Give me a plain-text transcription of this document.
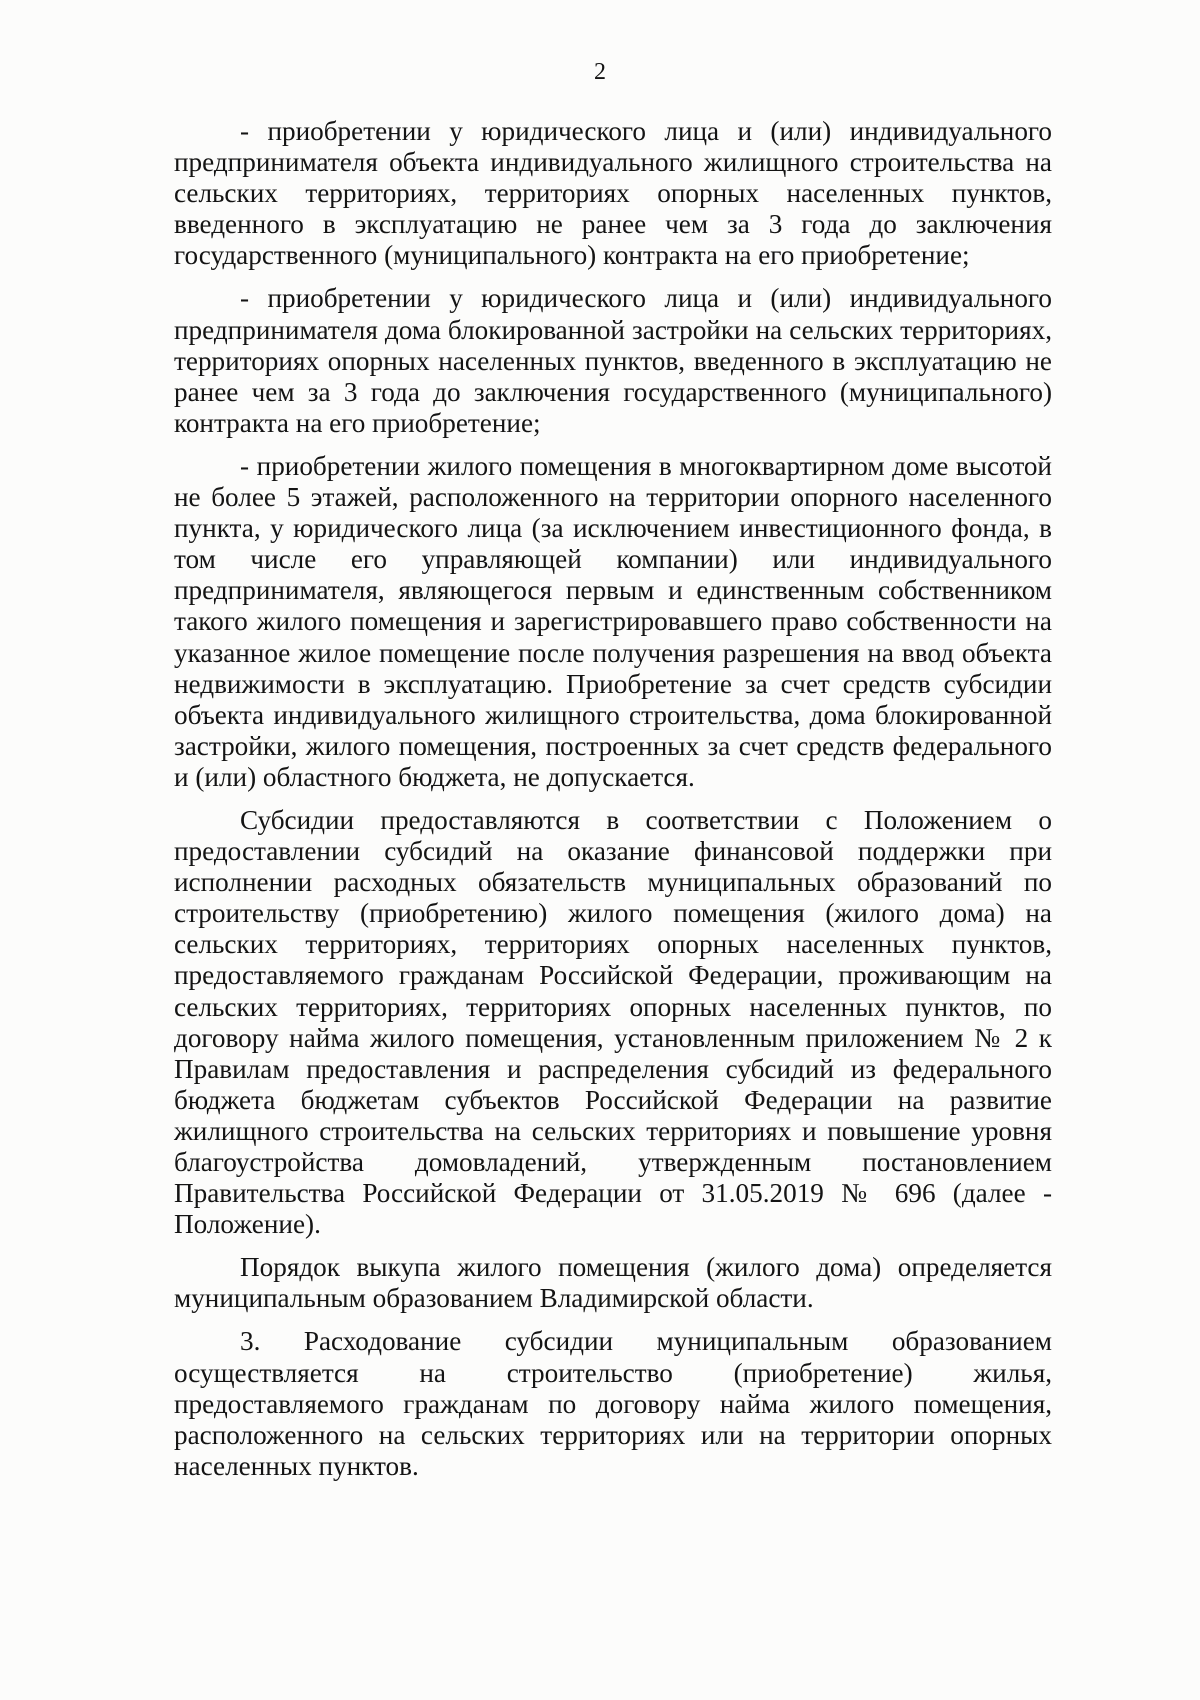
2

- приобретении у юридического лица и (или) индивидуального предпринимателя объекта индивидуального жилищного строительства на сельских территориях, территориях опорных населенных пунктов, введенного в эксплуатацию не ранее чем за 3 года до заключения государственного (муниципального) контракта на его приобретение;

- приобретении у юридического лица и (или) индивидуального предпринимателя дома блокированной застройки на сельских территориях, территориях опорных населенных пунктов, введенного в эксплуатацию не ранее чем за 3 года до заключения государственного (муниципального) контракта на его приобретение;

- приобретении жилого помещения в многоквартирном доме высотой не более 5 этажей, расположенного на территории опорного населенного пункта, у юридического лица (за исключением инвестиционного фонда, в том числе его управляющей компании) или индивидуального предпринимателя, являющегося первым и единственным собственником такого жилого помещения и зарегистрировавшего право собственности на указанное жилое помещение после получения разрешения на ввод объекта недвижимости в эксплуатацию. Приобретение за счет средств субсидии объекта индивидуального жилищного строительства, дома блокированной застройки, жилого помещения, построенных за счет средств федерального и (или) областного бюджета, не допускается.

Субсидии предоставляются в соответствии с Положением о предоставлении субсидий на оказание финансовой поддержки при исполнении расходных обязательств муниципальных образований по строительству (приобретению) жилого помещения (жилого дома) на сельских территориях, территориях опорных населенных пунктов, предоставляемого гражданам Российской Федерации, проживающим на сельских территориях, территориях опорных населенных пунктов, по договору найма жилого помещения, установленным приложением № 2 к Правилам предоставления и распределения субсидий из федерального бюджета бюджетам субъектов Российской Федерации на развитие жилищного строительства на сельских территориях и повышение уровня благоустройства домовладений, утвержденным постановлением Правительства Российской Федерации от 31.05.2019 № 696 (далее - Положение).

Порядок выкупа жилого помещения (жилого дома) определяется муниципальным образованием Владимирской области.

3. Расходование субсидии муниципальным образованием осуществляется на строительство (приобретение) жилья, предоставляемого гражданам по договору найма жилого помещения, расположенного на сельских территориях или на территории опорных населенных пунктов.
